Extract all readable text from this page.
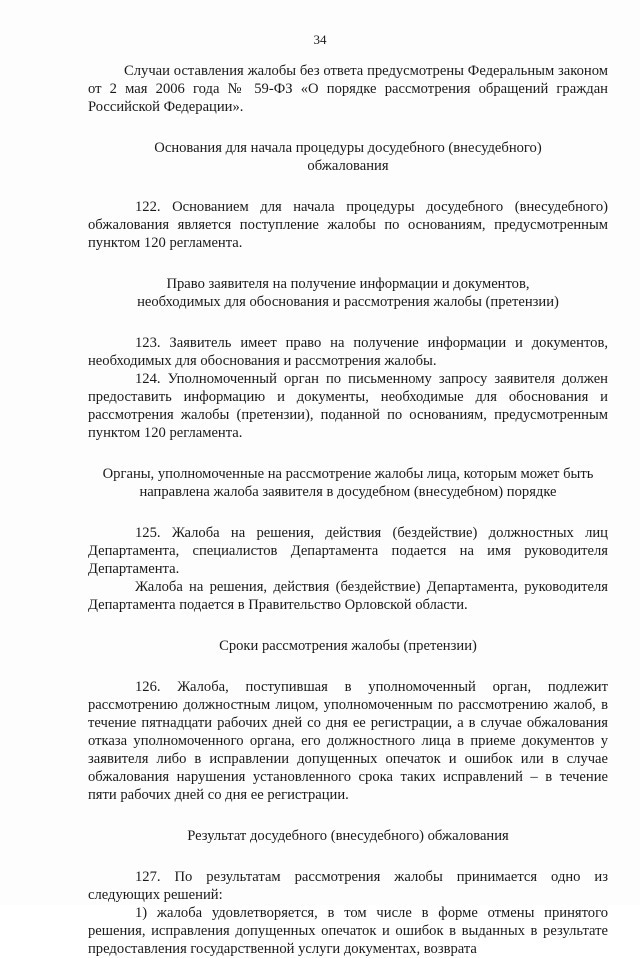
34

Случаи оставления жалобы без ответа предусмотрены Федеральным законом от 2 мая 2006 года № 59-ФЗ «О порядке рассмотрения обращений граждан Российской Федерации».

Основания для начала процедуры досудебного (внесудебного)

обжалования

122. Основанием для начала процедуры досудебного (внесудебного) обжалования является поступление жалобы по основаниям, предусмотренным пунктом 120 регламента.

Право заявителя на получение информации и документов,

необходимых для обоснования и рассмотрения жалобы (претензии)

123. Заявитель имеет право на получение информации и документов, необходимых для обоснования и рассмотрения жалобы.

124. Уполномоченный орган по письменному запросу заявителя должен предоставить информацию и документы, необходимые для обоснования и рассмотрения жалобы (претензии), поданной по основаниям, предусмотренным пунктом 120 регламента.

Органы, уполномоченные на рассмотрение жалобы лица, которым может быть

направлена жалоба заявителя в досудебном (внесудебном) порядке

125. Жалоба на решения, действия (бездействие) должностных лиц Департамента, специалистов Департамента подается на имя руководителя Департамента.

Жалоба на решения, действия (бездействие) Департамента, руководителя Департамента подается в Правительство Орловской области.

Сроки рассмотрения жалобы (претензии)

126. Жалоба, поступившая в уполномоченный орган, подлежит рассмотрению должностным лицом, уполномоченным по рассмотрению жалоб, в течение пятнадцати рабочих дней со дня ее регистрации, а в случае обжалования отказа уполномоченного органа, его должностного лица в приеме документов у заявителя либо в исправлении допущенных опечаток и ошибок или в случае обжалования нарушения установленного срока таких исправлений – в течение пяти рабочих дней со дня ее регистрации.

Результат досудебного (внесудебного) обжалования

127. По результатам рассмотрения жалобы принимается одно из следующих решений:

1) жалоба удовлетворяется, в том числе в форме отмены принятого решения, исправления допущенных опечаток и ошибок в выданных в результате предоставления государственной услуги документах, возврата
